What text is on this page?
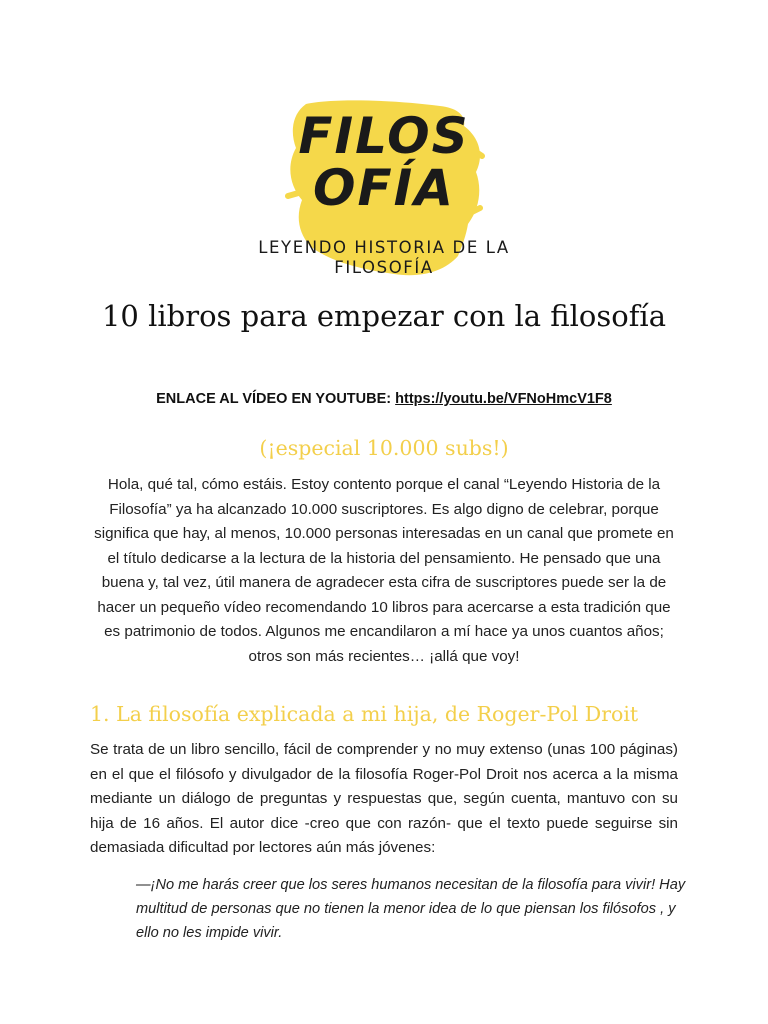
FILOS
OFÍA
LEYENDO HISTORIA DE LA
FILOSOFÍA
10 libros para empezar con la filosofía
ENLACE AL VÍDEO EN YOUTUBE: https://youtu.be/VFNoHmcV1F8
(¡especial 10.000 subs!)

Hola, qué tal, cómo estáis. Estoy contento porque el canal “Leyendo Historia de la Filosofía” ya ha alcanzado 10.000 suscriptores. Es algo digno de celebrar, porque significa que hay, al menos, 10.000 personas interesadas en un canal que promete en el título dedicarse a la lectura de la historia del pensamiento. He pensado que una buena y, tal vez, útil manera de agradecer esta cifra de suscriptores puede ser la de hacer un pequeño vídeo recomendando 10 libros para acercarse a esta tradición que es patrimonio de todos. Algunos me encandilaron a mí hace ya unos cuantos años; otros son más recientes… ¡allá que voy!

1. La filosofía explicada a mi hija, de Roger-Pol Droit

Se trata de un libro sencillo, fácil de comprender y no muy extenso (unas 100 páginas) en el que el filósofo y divulgador de la filosofía Roger-Pol Droit nos acerca a la misma mediante un diálogo de preguntas y respuestas que, según cuenta, mantuvo con su hija de 16 años. El autor dice -creo que con razón- que el texto puede seguirse sin demasiada dificultad por lectores aún más jóvenes:

—¡No me harás creer que los seres humanos necesitan de la filosofía para vivir! Hay multitud de personas que no tienen la menor idea de lo que piensan los filósofos , y ello no les impide vivir.
